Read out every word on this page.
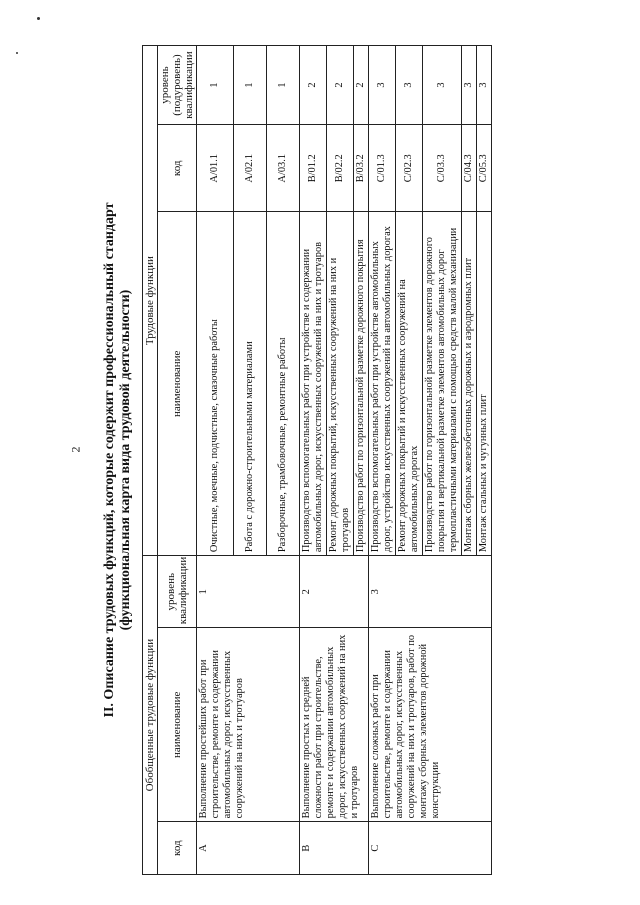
2 II. Описание трудовых функций, которые содержит профессиональный стандарт (функциональная карта вида трудовой деятельности)
Обобщенные трудовые функции			Трудовые функции		
код	наименование	уровень квалификации	наименование	код	уровень (подуровень) квалификации
A	Выполнение простейших работ при строительстве, ремонте и содержании автомобильных дорог, искусственных сооружений на них и тротуаров	1	Очистные, моечные, подчистные, смазочные работы	A/01.1	1
			Работа с дорожно-строительными материалами	A/02.1	1
			Разборочные, трамбовочные, ремонтные работы	A/03.1	1
B	Выполнение простых и средней сложности работ при строительстве, ремонте и содержании автомобильных дорог, искусственных сооружений на них и тротуаров	2	Производство вспомогательных работ при устройстве и содержании автомобильных дорог, искусственных сооружений на них и тротуаров	B/01.2	2
			Ремонт дорожных покрытий, искусственных сооружений на них и тротуаров	B/02.2	2
			Производство работ по горизонтальной разметке дорожного покрытия	B/03.2	2
C	Выполнение сложных работ при строительстве, ремонте и содержании автомобильных дорог, искусственных сооружений на них и тротуаров, работ по монтажу сборных элементов дорожной конструкции	3	Производство вспомогательных работ при устройстве автомобильных дорог, устройство искусственных сооружений на автомобильных дорогах	C/01.3	3
			Ремонт дорожных покрытий и искусственных сооружений на автомобильных дорогах	C/02.3	3
			Производство работ по горизонтальной разметке элементов дорожного покрытия и вертикальной разметке элементов автомобильных дорог термопластичными материалами с помощью средств малой механизации	C/03.3	3
			Монтаж сборных железобетонных дорожных и аэродромных плит	C/04.3	3
			Монтаж стальных и чугунных плит	C/05.3	3
